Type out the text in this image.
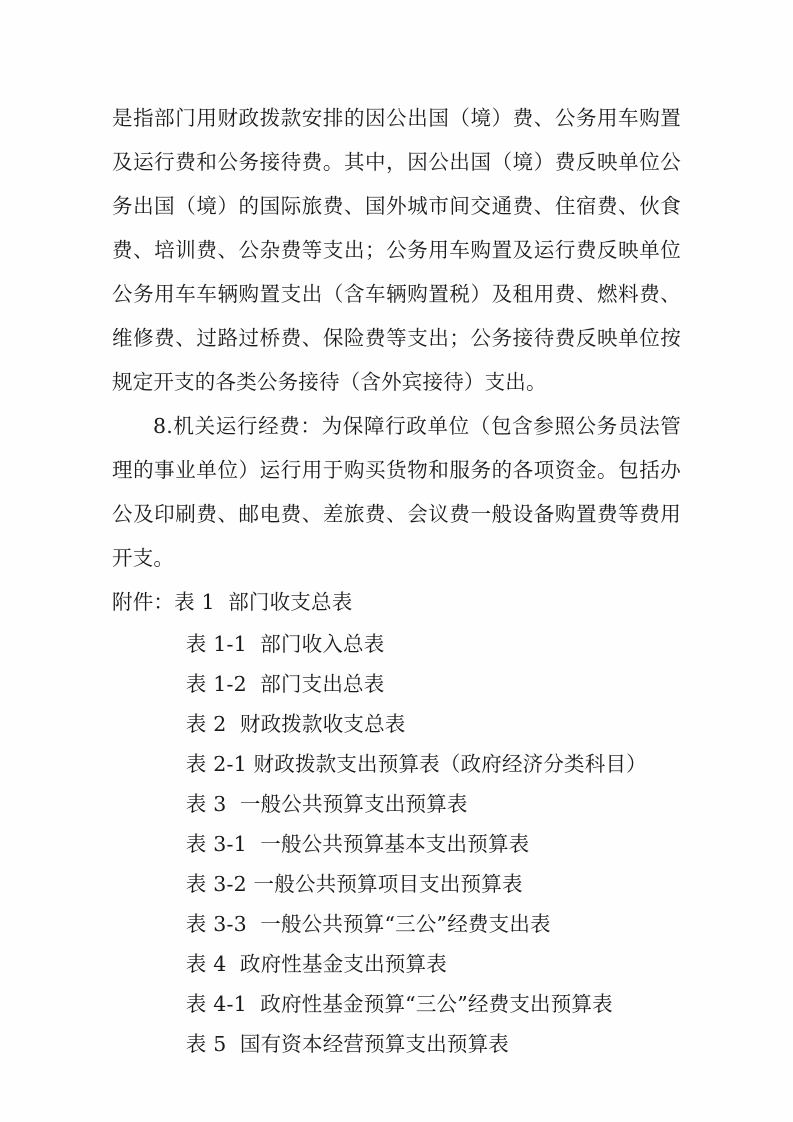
是指部门用财政拨款安排的因公出国（境）费、公务用车购置及运行费和公务接待费。其中，因公出国（境）费反映单位公务出国（境）的国际旅费、国外城市间交通费、住宿费、伙食费、培训费、公杂费等支出；公务用车购置及运行费反映单位公务用车车辆购置支出（含车辆购置税）及租用费、燃料费、维修费、过路过桥费、保险费等支出；公务接待费反映单位按规定开支的各类公务接待（含外宾接待）支出。

8.机关运行经费：为保障行政单位（包含参照公务员法管理的事业单位）运行用于购买货物和服务的各项资金。包括办公及印刷费、邮电费、差旅费、会议费一般设备购置费等费用开支。

附件：表 1  部门收支总表

表 1-1  部门收入总表
表 1-2  部门支出总表
表 2  财政拨款收支总表
表 2-1 财政拨款支出预算表（政府经济分类科目）
表 3  一般公共预算支出预算表
表 3-1  一般公共预算基本支出预算表
表 3-2 一般公共预算项目支出预算表
表 3-3  一般公共预算“三公”经费支出表
表 4  政府性基金支出预算表
表 4-1  政府性基金预算“三公”经费支出预算表
表 5  国有资本经营预算支出预算表
